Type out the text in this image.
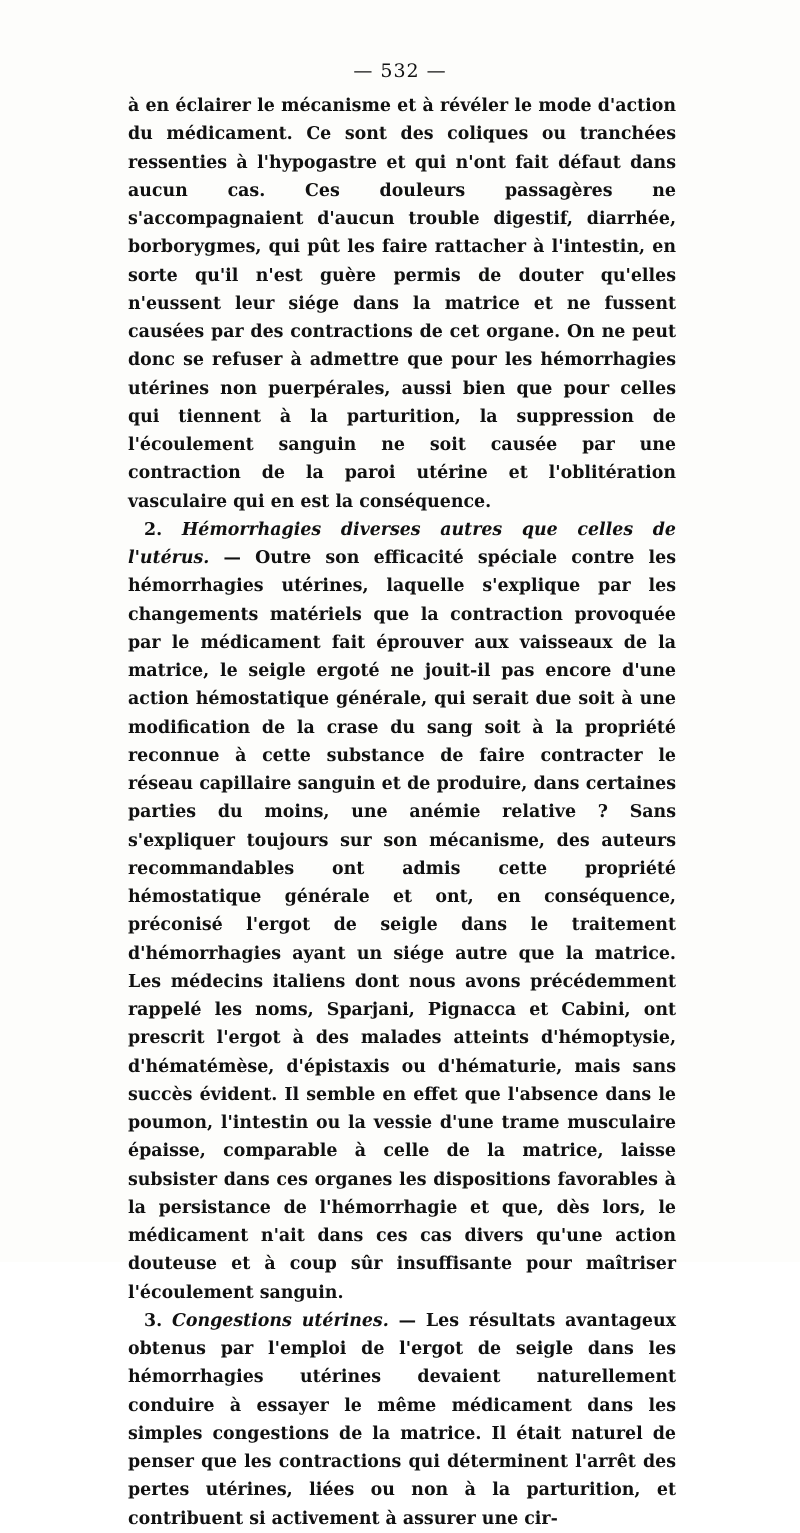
— 532 —

à en éclairer le mécanisme et à révéler le mode d'action du médicament. Ce sont des coliques ou tranchées ressenties à l'hypogastre et qui n'ont fait défaut dans aucun cas. Ces douleurs passagères ne s'accompagnaient d'aucun trouble digestif, diarrhée, borborygmes, qui pût les faire rattacher à l'intestin, en sorte qu'il n'est guère permis de douter qu'elles n'eussent leur siége dans la matrice et ne fussent causées par des contractions de cet organe. On ne peut donc se refuser à admettre que pour les hémorrhagies utérines non puerpérales, aussi bien que pour celles qui tiennent à la parturition, la suppression de l'écoulement sanguin ne soit causée par une contraction de la paroi utérine et l'oblitération vasculaire qui en est la conséquence.

2. Hémorrhagies diverses autres que celles de l'utérus. — Outre son efficacité spéciale contre les hémorrhagies utérines, laquelle s'explique par les changements matériels que la contraction provoquée par le médicament fait éprouver aux vaisseaux de la matrice, le seigle ergoté ne jouit-il pas encore d'une action hémostatique générale, qui serait due soit à une modification de la crase du sang soit à la propriété reconnue à cette substance de faire contracter le réseau capillaire sanguin et de produire, dans certaines parties du moins, une anémie relative ? Sans s'expliquer toujours sur son mécanisme, des auteurs recommandables ont admis cette propriété hémostatique générale et ont, en conséquence, préconisé l'ergot de seigle dans le traitement d'hémorrhagies ayant un siége autre que la matrice. Les médecins italiens dont nous avons précédemment rappelé les noms, Sparjani, Pignacca et Cabini, ont prescrit l'ergot à des malades atteints d'hémoptysie, d'hématémèse, d'épistaxis ou d'hématurie, mais sans succès évident. Il semble en effet que l'absence dans le poumon, l'intestin ou la vessie d'une trame musculaire épaisse, comparable à celle de la matrice, laisse subsister dans ces organes les dispositions favorables à la persistance de l'hémorrhagie et que, dès lors, le médicament n'ait dans ces cas divers qu'une action douteuse et à coup sûr insuffisante pour maîtriser l'écoulement sanguin.

3. Congestions utérines. — Les résultats avantageux obtenus par l'emploi de l'ergot de seigle dans les hémorrhagies utérines devaient naturellement conduire à essayer le même médicament dans les simples congestions de la matrice. Il était naturel de penser que les contractions qui déterminent l'arrêt des pertes utérines, liées ou non à la parturition, et contribuent si activement à assurer une cir-
